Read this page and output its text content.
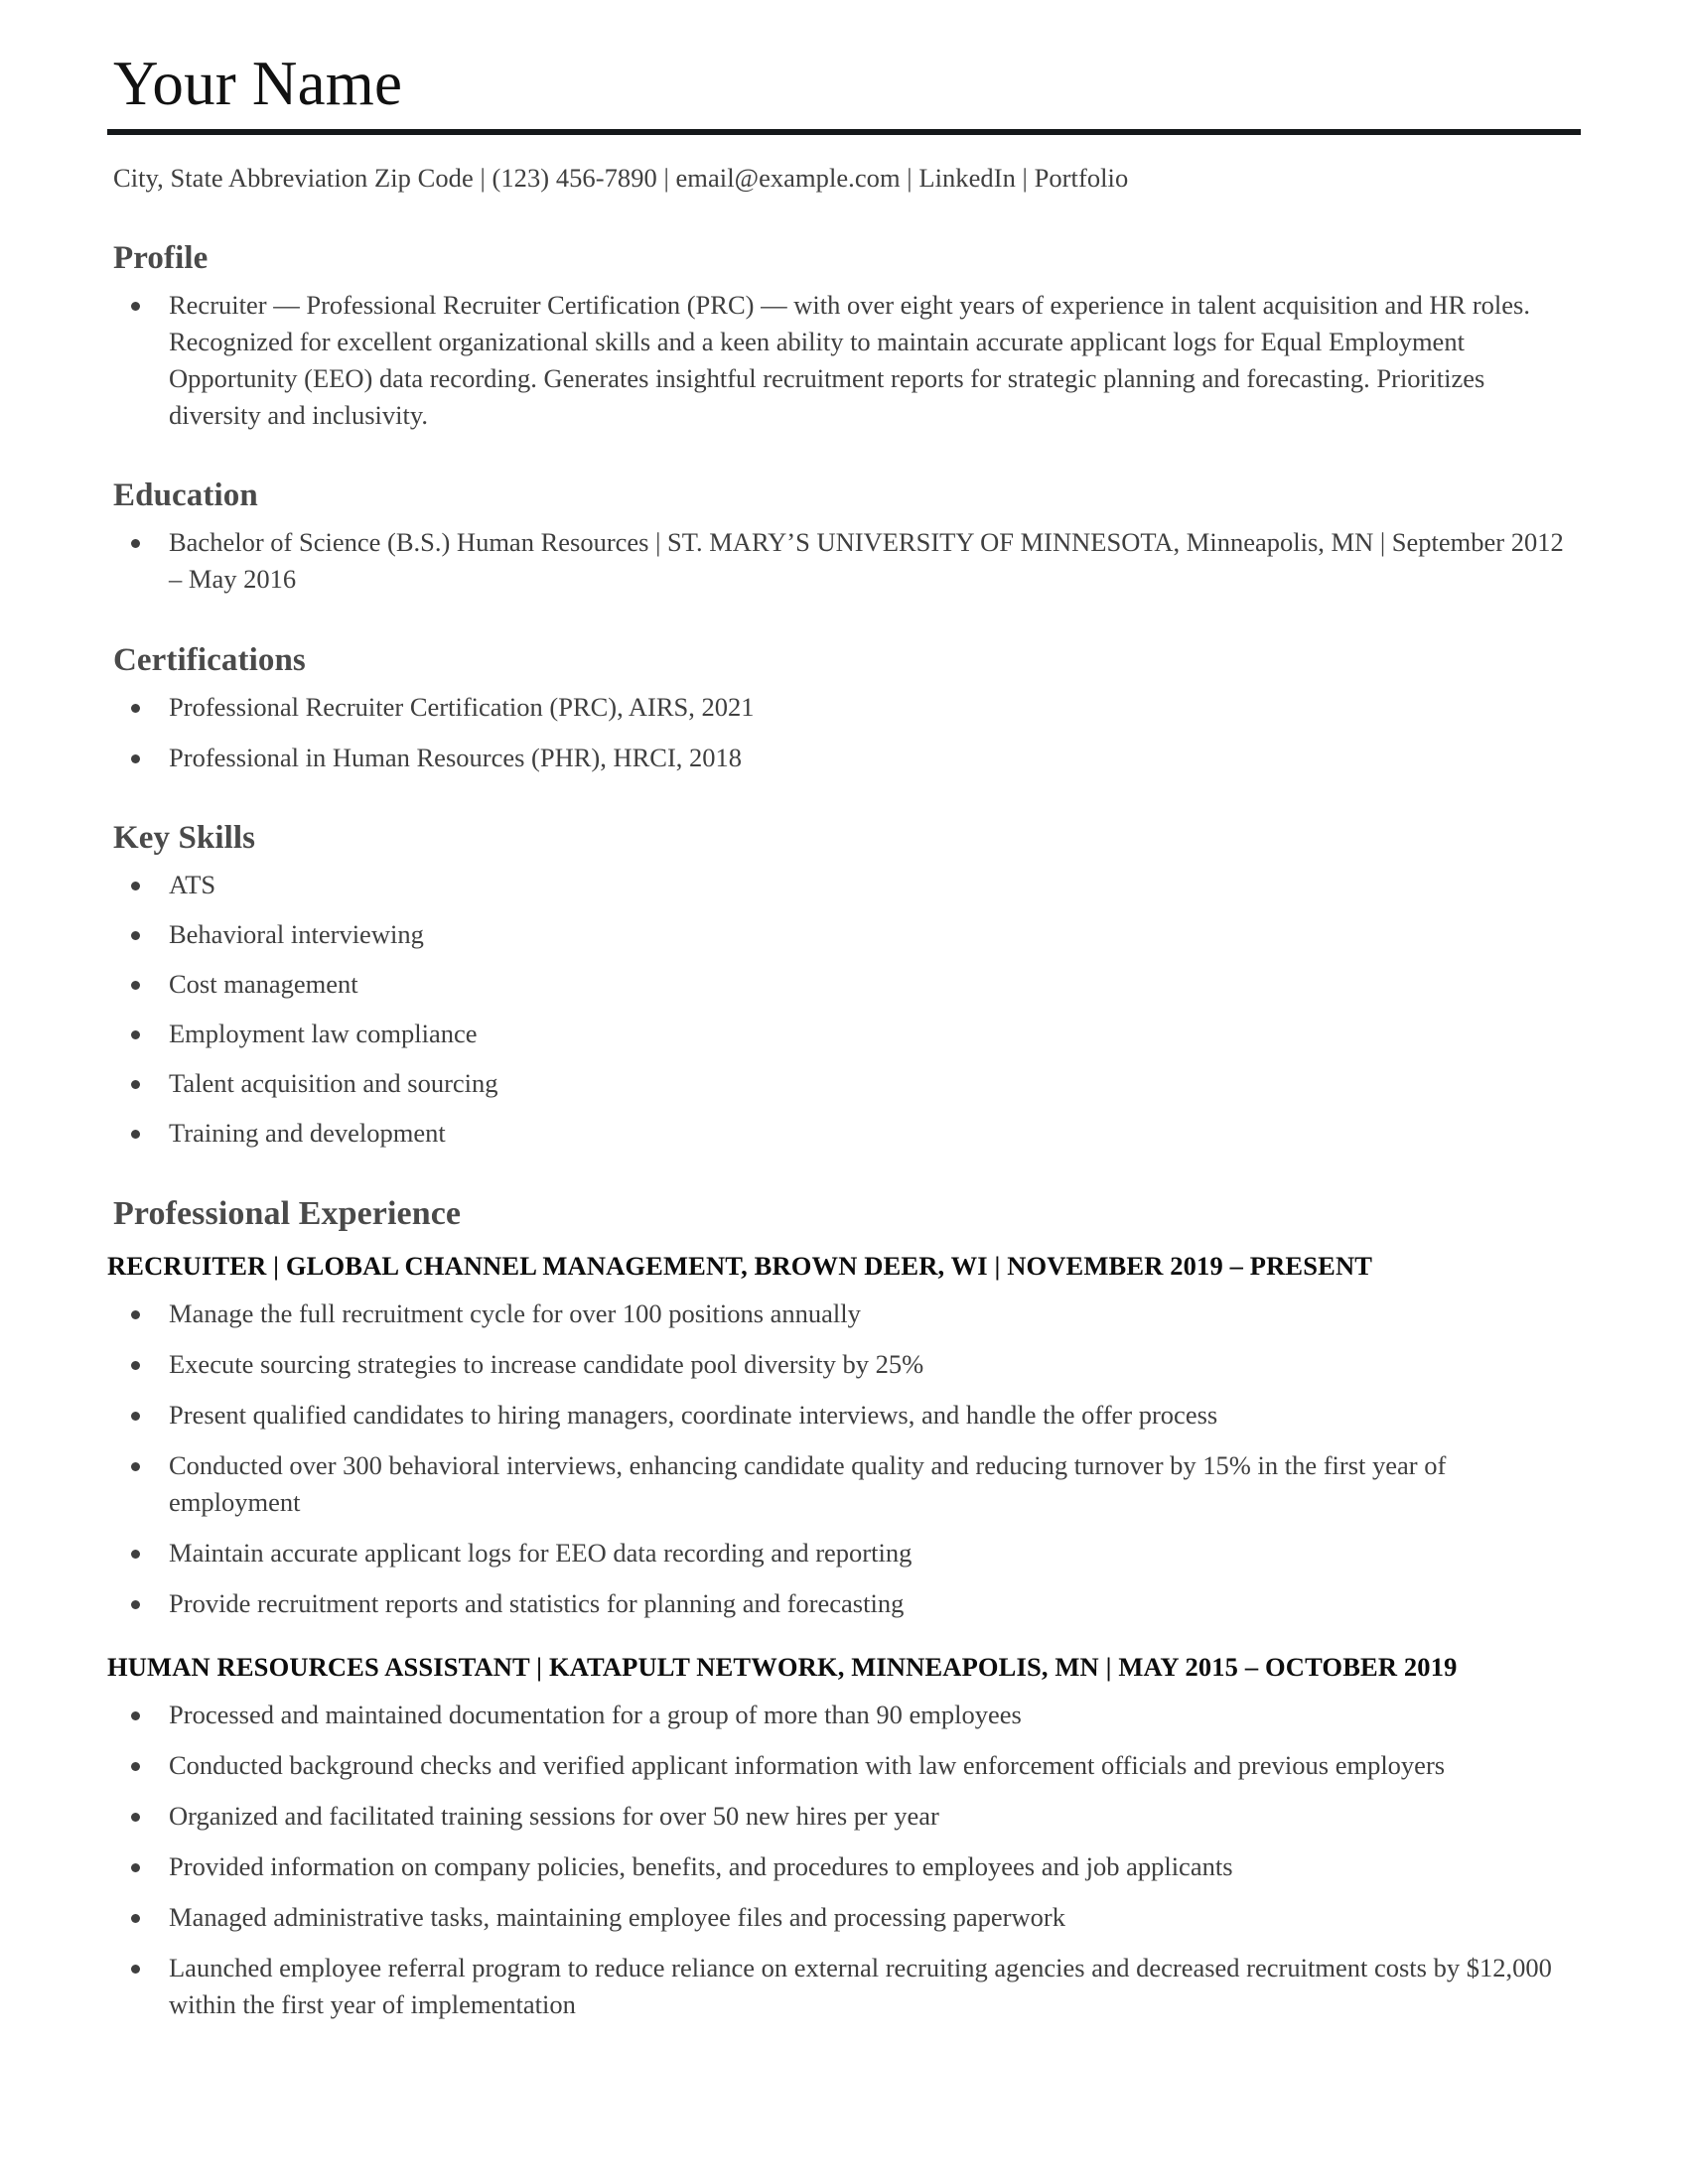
Your Name
City, State Abbreviation Zip Code | (123) 456-7890 | email@example.com | LinkedIn | Portfolio
Profile
Recruiter — Professional Recruiter Certification (PRC) — with over eight years of experience in talent acquisition and HR roles. Recognized for excellent organizational skills and a keen ability to maintain accurate applicant logs for Equal Employment Opportunity (EEO) data recording. Generates insightful recruitment reports for strategic planning and forecasting. Prioritizes diversity and inclusivity.
Education
Bachelor of Science (B.S.) Human Resources | ST. MARY’S UNIVERSITY OF MINNESOTA, Minneapolis, MN | September 2012 – May 2016
Certifications
Professional Recruiter Certification (PRC), AIRS, 2021
Professional in Human Resources (PHR), HRCI, 2018
Key Skills
ATS
Behavioral interviewing
Cost management
Employment law compliance
Talent acquisition and sourcing
Training and development
Professional Experience
RECRUITER | GLOBAL CHANNEL MANAGEMENT, BROWN DEER, WI | NOVEMBER 2019 – PRESENT
Manage the full recruitment cycle for over 100 positions annually
Execute sourcing strategies to increase candidate pool diversity by 25%
Present qualified candidates to hiring managers, coordinate interviews, and handle the offer process
Conducted over 300 behavioral interviews, enhancing candidate quality and reducing turnover by 15% in the first year of employment
Maintain accurate applicant logs for EEO data recording and reporting
Provide recruitment reports and statistics for planning and forecasting
HUMAN RESOURCES ASSISTANT | KATAPULT NETWORK, MINNEAPOLIS, MN | MAY 2015 – OCTOBER 2019
Processed and maintained documentation for a group of more than 90 employees
Conducted background checks and verified applicant information with law enforcement officials and previous employers
Organized and facilitated training sessions for over 50 new hires per year
Provided information on company policies, benefits, and procedures to employees and job applicants
Managed administrative tasks, maintaining employee files and processing paperwork
Launched employee referral program to reduce reliance on external recruiting agencies and decreased recruitment costs by $12,000 within the first year of implementation
